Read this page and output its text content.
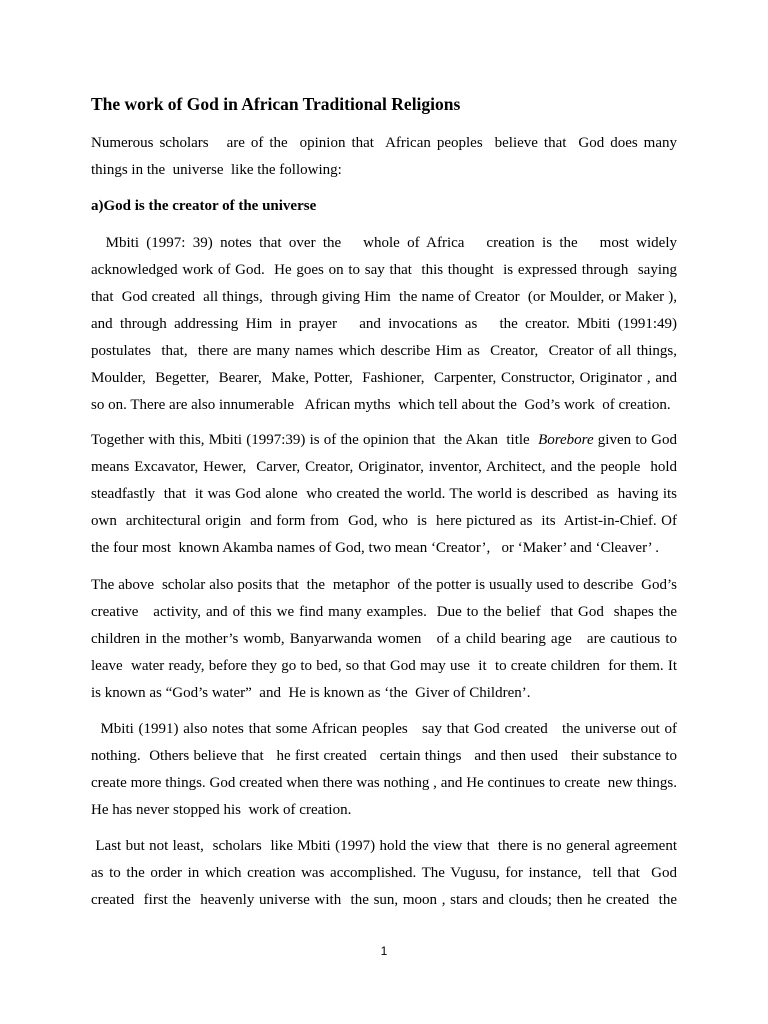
The work of God in African Traditional Religions
Numerous scholars   are of the  opinion that  African peoples  believe that  God does many
things in the  universe  like the following:
a)God is the creator of the universe
Mbiti (1997: 39) notes that over the   whole of Africa   creation is the   most widely
acknowledged work of God.  He goes on to say that  this thought  is expressed through  saying
that  God created  all things,  through giving Him  the name of Creator  (or Moulder, or Maker ),
and through addressing Him in prayer   and invocations as   the creator. Mbiti (1991:49)
postulates  that,  there are many names which describe Him as  Creator,  Creator of all things,
Moulder,  Begetter,  Bearer,  Make, Potter,  Fashioner,  Carpenter, Constructor, Originator , and
so on. There are also innumerable   African myths  which tell about the  God’s work  of creation.
Together with this, Mbiti (1997:39) is of the opinion that  the Akan  title  Borebore given to God
means Excavator, Hewer,  Carver, Creator, Originator, inventor, Architect, and the people  hold
steadfastly  that  it was God alone  who created the world. The world is described  as  having its
own  architectural origin  and form from  God, who  is  here pictured as  its  Artist-in-Chief. Of
the four most  known Akamba names of God, two mean ‘Creator’,   or ‘Maker’ and ‘Cleaver’ .
The above  scholar also posits that  the  metaphor  of the potter is usually used to describe  God’s
creative   activity, and of this we find many examples.  Due to the belief  that God  shapes the
children in the mother’s womb, Banyarwanda women   of a child bearing age   are cautious to
leave  water ready, before they go to bed, so that God may use  it  to create children  for them. It
is known as “God’s water”  and  He is known as ‘the  Giver of Children’.
Mbiti (1991) also notes that some African peoples   say that God created   the universe out of
nothing.  Others believe that   he first created   certain things   and then used   their substance to
create more things. God created when there was nothing , and He continues to create  new things.
He has never stopped his  work of creation.
Last but not least,  scholars  like Mbiti (1997) hold the view that  there is no general agreement
as to the order in which creation was accomplished. The Vugusu, for instance,  tell that  God
created  first the  heavenly universe with  the sun, moon , stars and clouds; then he created  the
1
